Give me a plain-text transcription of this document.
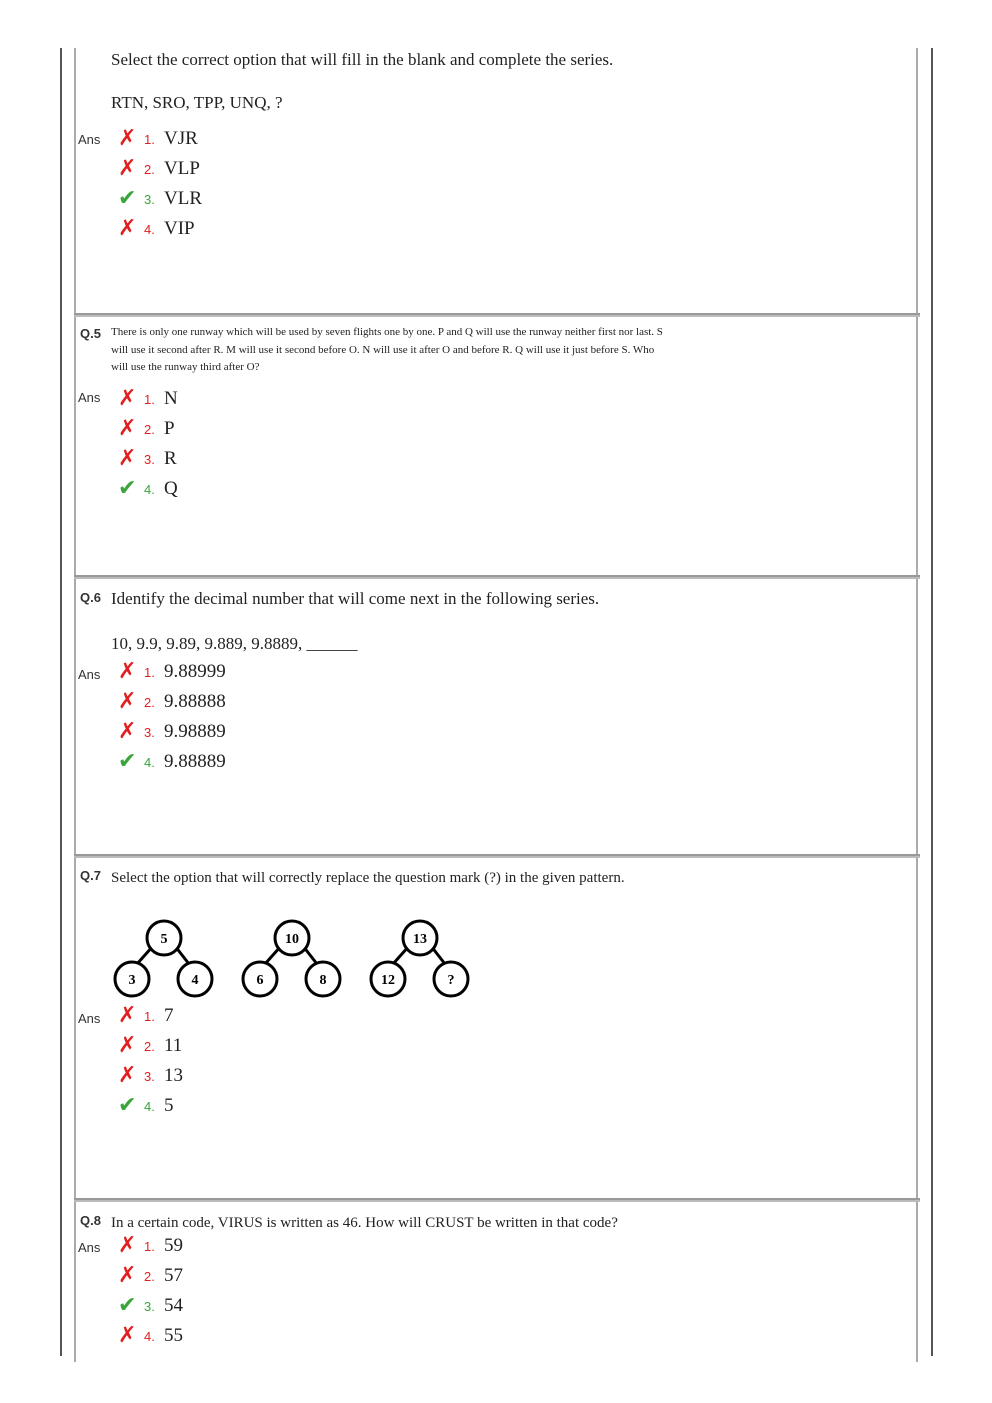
Select the correct option that will fill in the blank and complete the series.
RTN, SRO, TPP, UNQ, ?
Ans ✗ 1. VJR
✗ 2. VLP
✔ 3. VLR
✗ 4. VIP
Q.5 There is only one runway which will be used by seven flights one by one. P and Q will use the runway neither first nor last. S will use it second after R. M will use it second before O. N will use it after O and before R. Q will use it just before S. Who will use the runway third after O?
Ans ✗ 1. N
✗ 2. P
✗ 3. R
✔ 4. Q
Q.6 Identify the decimal number that will come next in the following series.
10, 9.9, 9.89, 9.889, 9.8889, ______
Ans ✗ 1. 9.88999
✗ 2. 9.88888
✗ 3. 9.98889
✔ 4. 9.88889
Q.7 Select the option that will correctly replace the question mark (?) in the given pattern.
5
3	4
10
6	8
13
12	?
Ans ✗ 1. 7
✗ 2. 11
✗ 3. 13
✔ 4. 5
Q.8 In a certain code, VIRUS is written as 46. How will CRUST be written in that code?
Ans ✗ 1. 59
✗ 2. 57
✔ 3. 54
✗ 4. 55
